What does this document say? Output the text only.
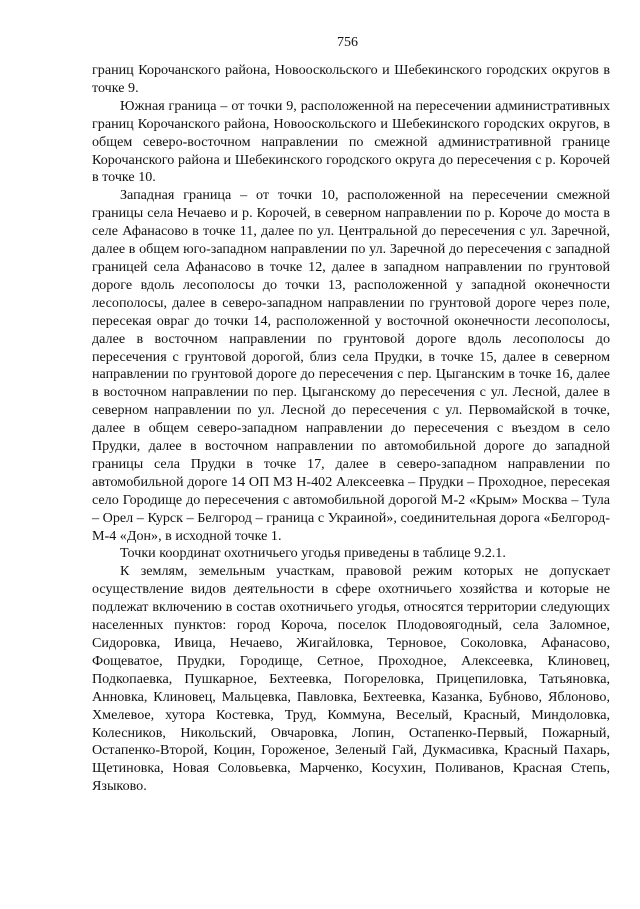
756

границ Корочанского района, Новооскольского и Шебекинского городских округов в точке 9.

Южная граница – от точки 9, расположенной на пересечении административных границ Корочанского района, Новооскольского и Шебекинского городских округов, в общем северо-восточном направлении по смежной административной границе Корочанского района и Шебекинского городского округа до пересечения с р. Корочей в точке 10.

Западная граница – от точки 10, расположенной на пересечении смежной границы села Нечаево и р. Корочей, в северном направлении по р. Короче до моста в селе Афанасово в точке 11, далее по ул. Центральной до пересечения с ул. Заречной, далее в общем юго-западном направлении по ул. Заречной до пересечения с западной границей села Афанасово в точке 12, далее в западном направлении по грунтовой дороге вдоль лесополосы до точки 13, расположенной у западной оконечности лесополосы, далее в северо-западном направлении по грунтовой дороге через поле, пересекая овраг до точки 14, расположенной у восточной оконечности лесополосы, далее в восточном направлении по грунтовой дороге вдоль лесополосы до пересечения с грунтовой дорогой, близ села Прудки, в точке 15, далее в северном направлении по грунтовой дороге до пересечения с пер. Цыганским в точке 16, далее в восточном направлении по пер. Цыганскому до пересечения с ул. Лесной, далее в северном направлении по ул. Лесной до пересечения с ул. Первомайской в точке, далее в общем северо-западном направлении до пересечения с въездом в село Прудки, далее в восточном направлении по автомобильной дороге до западной границы села Прудки в точке 17, далее в северо-западном направлении по автомобильной дороге 14 ОП МЗ Н-402 Алексеевка – Прудки – Проходное, пересекая село Городище до пересечения с автомобильной дорогой М-2 «Крым» Москва – Тула – Орел – Курск – Белгород – граница с Украиной», соединительная дорога «Белгород-М-4 «Дон», в исходной точке 1.

Точки координат охотничьего угодья приведены в таблице 9.2.1.

К землям, земельным участкам, правовой режим которых не допускает осуществление видов деятельности в сфере охотничьего хозяйства и которые не подлежат включению в состав охотничьего угодья, относятся территории следующих населенных пунктов: город Короча, поселок Плодовоягодный, села Заломное, Сидоровка, Ивица, Нечаево, Жигайловка, Терновое, Соколовка, Афанасово, Фощеватое, Прудки, Городище, Сетное, Проходное, Алексеевка, Клиновец, Подкопаевка, Пушкарное, Бехтеевка, Погореловка, Прицепиловка, Татьяновка, Анновка, Клиновец, Мальцевка, Павловка, Бехтеевка, Казанка, Бубново, Яблоново, Хмелевое, хутора Костевка, Труд, Коммуна, Веселый, Красный, Миндоловка, Колесников, Никольский, Овчаровка, Лопин, Остапенко-Первый, Пожарный, Остапенко-Второй, Коцин, Гороженое, Зеленый Гай, Дукмасивка, Красный Пахарь, Щетиновка, Новая Соловьевка, Марченко, Косухин, Поливанов, Красная Степь, Языково.
